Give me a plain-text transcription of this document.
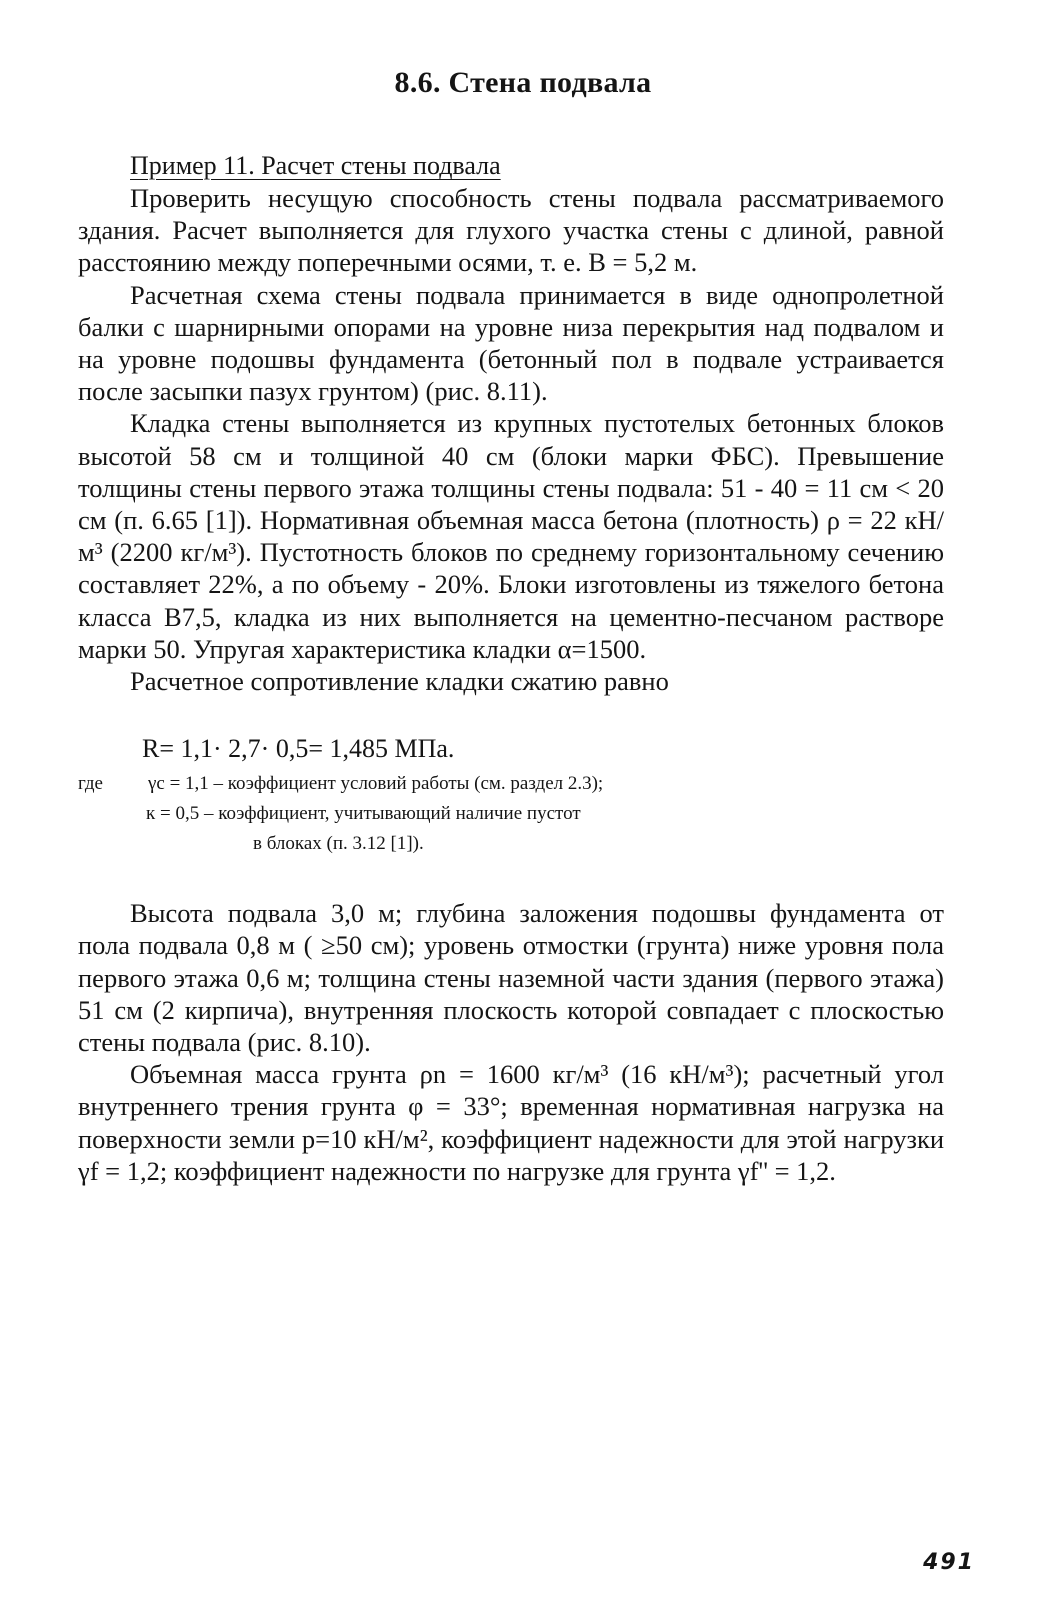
8.6. Стена подвала

Пример 11. Расчет стены подвала

Проверить несущую способность стены подвала рассматриваемого здания. Расчет выполняется для глухого участка стены с длиной, равной расстоянию между поперечными осями, т. е. B = 5,2 м.

Расчетная схема стены подвала принимается в виде однопролетной балки с шарнирными опорами на уровне низа перекрытия над подвалом и на уровне подошвы фундамента (бетонный пол в подвале устраивается после засыпки пазух грунтом) (рис. 8.11).

Кладка стены выполняется из крупных пустотелых бетонных блоков высотой 58 см и толщиной 40 см (блоки марки ФБС). Превышение толщины стены первого этажа толщины стены подвала: 51 - 40 = 11 см < 20 см (п. 6.65 [1]). Нормативная объемная масса бетона (плотность) ρ = 22 кН/м³ (2200 кг/м³). Пустотность блоков по среднему горизонтальному сечению составляет 22%, а по объему - 20%. Блоки изготовлены из тяжелого бетона класса B7,5, кладка из них выполняется на цементно-песчаном растворе марки 50. Упругая характеристика кладки α=1500.

Расчетное сопротивление кладки сжатию равно

R= 1,1· 2,7· 0,5= 1,485 МПа.
где γc = 1,1 – коэффициент условий работы (см. раздел 2.3);
к = 0,5 – коэффициент, учитывающий наличие пустот
в блоках (п. 3.12 [1]).

Высота подвала 3,0 м; глубина заложения подошвы фундамента от пола подвала 0,8 м ( ≥50 см); уровень отмостки (грунта) ниже уровня пола первого этажа 0,6 м; толщина стены наземной части здания (первого этажа) 51 см (2 кирпича), внутренняя плоскость которой совпадает с плоскостью стены подвала (рис. 8.10).

Объемная масса грунта ρn = 1600 кг/м³ (16 кН/м³); расчетный угол внутреннего трения грунта φ = 33°; временная нормативная нагрузка на поверхности земли p=10 кН/м², коэффициент надежности для этой нагрузки γf = 1,2; коэффициент надежности по нагрузке для грунта γf'' = 1,2.

491
